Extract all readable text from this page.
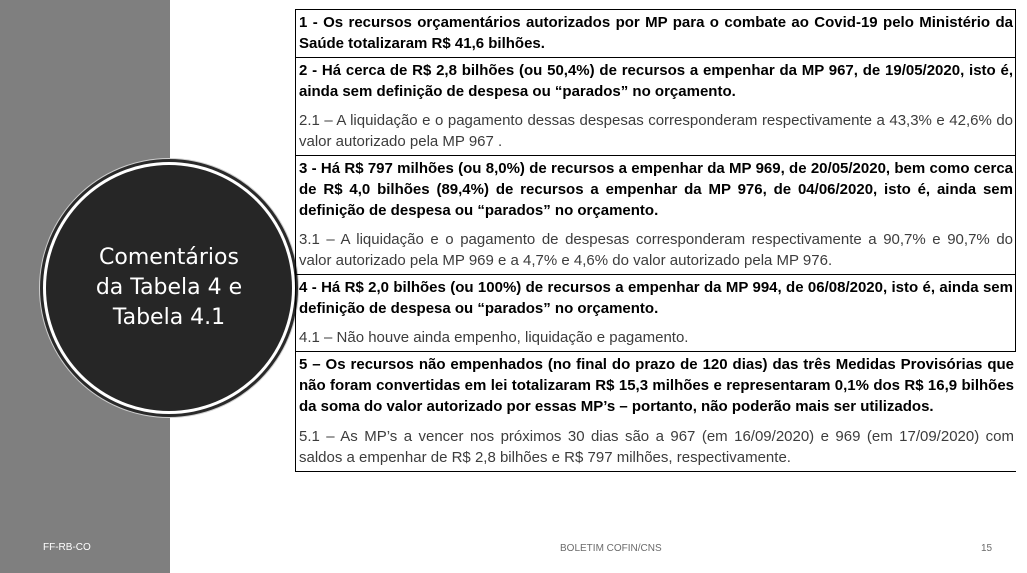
Comentários
da Tabela 4 e
Tabela 4.1
FF-RB-CO	BOLETIM COFIN/CNS	15

1 - Os recursos orçamentários autorizados por MP para o combate ao Covid-19 pelo Ministério da Saúde totalizaram R$ 41,6 bilhões.

2 - Há cerca de R$ 2,8 bilhões (ou 50,4%) de recursos a empenhar da MP 967, de 19/05/2020, isto é, ainda sem definição de despesa ou “parados” no orçamento.

2.1 – A liquidação e o pagamento dessas despesas corresponderam respectivamente a 43,3% e 42,6% do valor autorizado pela MP 967 .

3 - Há R$ 797 milhões (ou 8,0%) de recursos a empenhar da MP 969, de 20/05/2020, bem como cerca de R$ 4,0 bilhões (89,4%) de recursos a empenhar da MP 976, de 04/06/2020, isto é, ainda sem definição de despesa ou “parados” no orçamento.

3.1 – A liquidação e o pagamento de despesas corresponderam respectivamente a 90,7% e 90,7% do valor autorizado pela MP 969 e a 4,7% e 4,6% do valor autorizado pela MP 976.

4 - Há R$ 2,0 bilhões (ou 100%) de recursos a empenhar da MP 994, de 06/08/2020, isto é, ainda sem definição de despesa ou “parados” no orçamento.

4.1 – Não houve ainda empenho, liquidação e pagamento.

5 – Os recursos não empenhados (no final do prazo de 120 dias) das três Medidas Provisórias que não foram convertidas em lei totalizaram R$ 15,3 milhões e representaram 0,1% dos R$ 16,9 bilhões da soma do valor autorizado por essas MP’s – portanto, não poderão mais ser utilizados.

5.1 – As MP’s a vencer nos próximos 30 dias são a 967 (em 16/09/2020) e 969 (em 17/09/2020) com saldos a empenhar de R$ 2,8 bilhões e R$ 797 milhões, respectivamente.
